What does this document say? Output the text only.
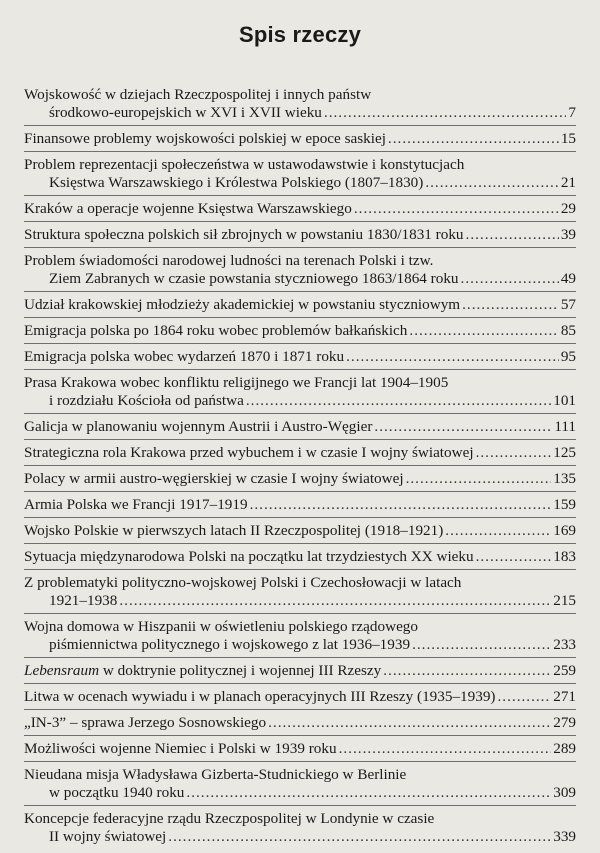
Spis rzeczy
Wojskowość w dziejach Rzeczpospolitej i innych państw
środkowo-europejskich w XVI i XVII wieku .....	7
Finansowe problemy wojskowości polskiej w epoce saskiej .....	15
Problem reprezentacji społeczeństwa w ustawodawstwie i konstytucjach
Księstwa Warszawskiego i Królestwa Polskiego (1807–1830) .....	21
Kraków a operacje wojenne Księstwa Warszawskiego .....	29
Struktura społeczna polskich sił zbrojnych w powstaniu 1830/1831 roku .....	39
Problem świadomości narodowej ludności na terenach Polski i tzw.
Ziem Zabranych w czasie powstania styczniowego 1863/1864 roku .....	49
Udział krakowskiej młodzieży akademickiej w powstaniu styczniowym .....	57
Emigracja polska po 1864 roku wobec problemów bałkańskich .....	85
Emigracja polska wobec wydarzeń 1870 i 1871 roku .....	95
Prasa Krakowa wobec konfliktu religijnego we Francji lat 1904–1905
i rozdziału Kościoła od państwa .....	101
Galicja w planowaniu wojennym Austrii i Austro-Węgier .....	111
Strategiczna rola Krakowa przed wybuchem i w czasie I wojny światowej .....	125
Polacy w armii austro-węgierskiej w czasie I wojny światowej .....	135
Armia Polska we Francji 1917–1919 .....	159
Wojsko Polskie w pierwszych latach II Rzeczpospolitej (1918–1921) .....	169
Sytuacja międzynarodowa Polski na początku lat trzydziestych XX wieku .....	183
Z problematyki polityczno-wojskowej Polski i Czechosłowacji w latach
1921–1938 .....	215
Wojna domowa w Hiszpanii w oświetleniu polskiego rządowego
piśmiennictwa politycznego i wojskowego z lat 1936–1939 .....	233
Lebensraum w doktrynie politycznej i wojennej III Rzeszy .....	259
Litwa w ocenach wywiadu i w planach operacyjnych III Rzeszy (1935–1939) .....	271
„IN-3” – sprawa Jerzego Sosnowskiego .....	279
Możliwości wojenne Niemiec i Polski w 1939 roku .....	289
Nieudana misja Władysława Gizberta-Studnickiego w Berlinie
w początku 1940 roku .....	309
Koncepcje federacyjne rządu Rzeczpospolitej w Londynie w czasie
II wojny światowej .....	339
